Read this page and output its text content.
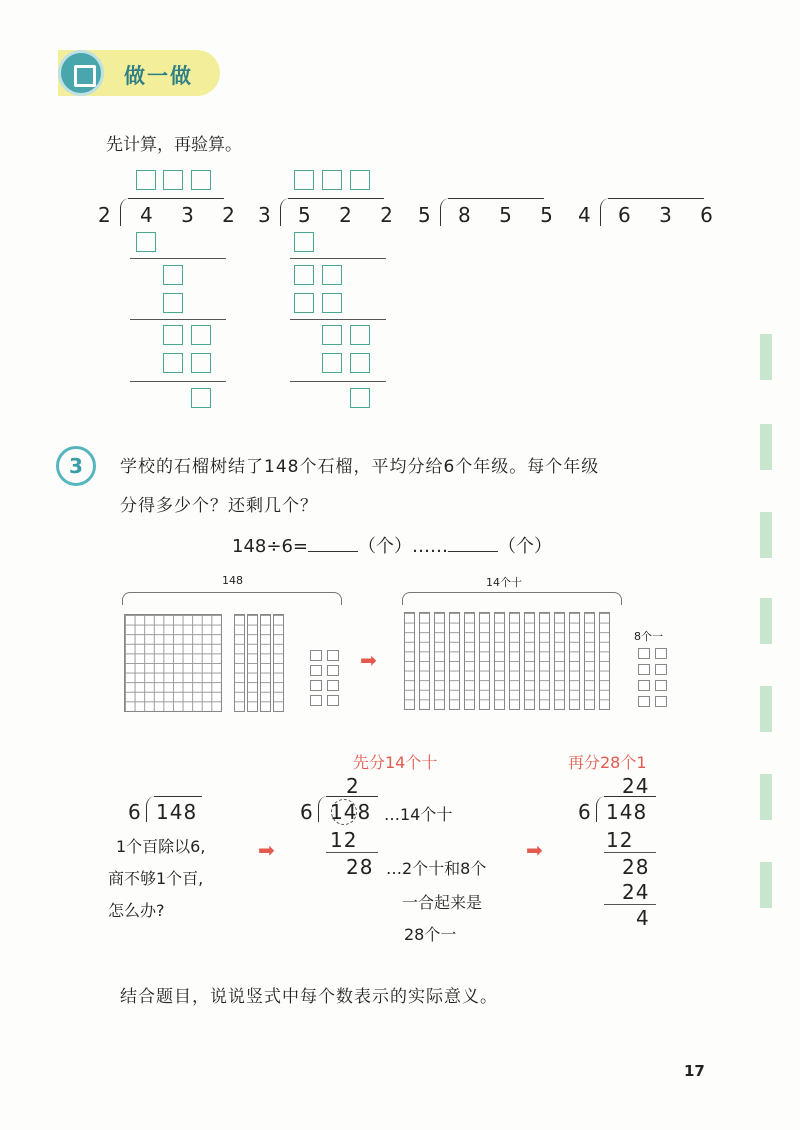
做一做
先计算，再验算。
2 4 3 2 3 5 2 2 5 8 5 5 4 6 3 6
3	学校的石榴树结了148个石榴，平均分给6个年级。每个年级
分得多少个？还剩几个？
148÷6=	（个）……	（个）
148
➡
14个十
8个一
6 148
1个百除以6,
商不够1个百,
怎么办?
➡
先分14个十
2
6 148 …14个十
12
28 …2个十和8个
一合起来是
28个一
➡
再分28个1
24
6 148
12
28
24
4
结合题目，说说竖式中每个数表示的实际意义。
17
